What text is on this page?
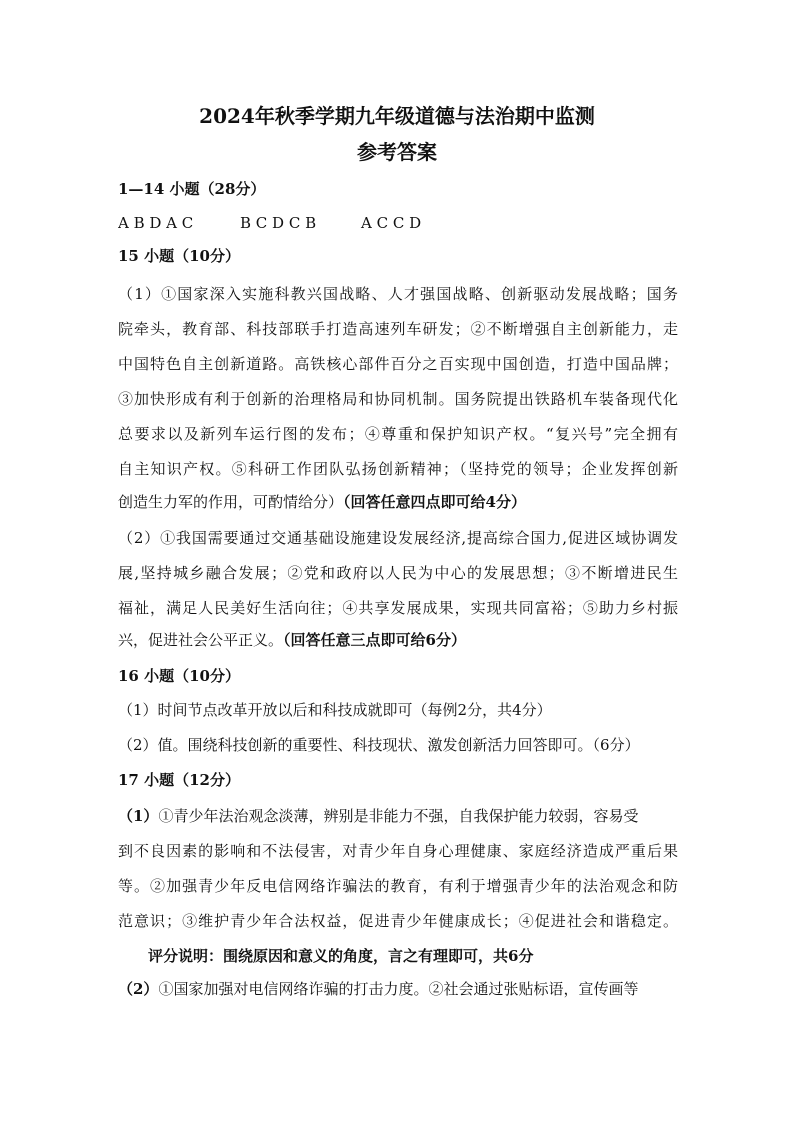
2024年秋季学期九年级道德与法治期中监测
参考答案
1—14 小题（28分）
A B D A C	B C D C B	A C C D
15 小题（10分）
（1）①国家深入实施科教兴国战略、人才强国战略、创新驱动发展战略；国务
院牵头，教育部、科技部联手打造高速列车研发；②不断增强自主创新能力，走
中国特色自主创新道路。高铁核心部件百分之百实现中国创造，打造中国品牌；
③加快形成有利于创新的治理格局和协同机制。国务院提出铁路机车装备现代化
总要求以及新列车运行图的发布；④尊重和保护知识产权。“复兴号”完全拥有
自主知识产权。⑤科研工作团队弘扬创新精神；（坚持党的领导；企业发挥创新
创造生力军的作用，可酌情给分）（回答任意四点即可给4分）
（2）①我国需要通过交通基础设施建设发展经济,提高综合国力,促进区域协调发
展,坚持城乡融合发展；②党和政府以人民为中心的发展思想；③不断增进民生
福祉，满足人民美好生活向往；④共享发展成果，实现共同富裕；⑤助力乡村振
兴，促进社会公平正义。（回答任意三点即可给6分）
16 小题（10分）
（1）时间节点改革开放以后和科技成就即可（每例2分，共4分）
（2）值。围绕科技创新的重要性、科技现状、激发创新活力回答即可。（6分）
17 小题（12分）
（1）①青少年法治观念淡薄，辨别是非能力不强，自我保护能力较弱，容易受
到不良因素的影响和不法侵害，对青少年自身心理健康、家庭经济造成严重后果
等。②加强青少年反电信网络诈骗法的教育，有利于增强青少年的法治观念和防
范意识；③维护青少年合法权益，促进青少年健康成长；④促进社会和谐稳定。
评分说明：围绕原因和意义的角度，言之有理即可，共6分
（2）①国家加强对电信网络诈骗的打击力度。②社会通过张贴标语，宣传画等
